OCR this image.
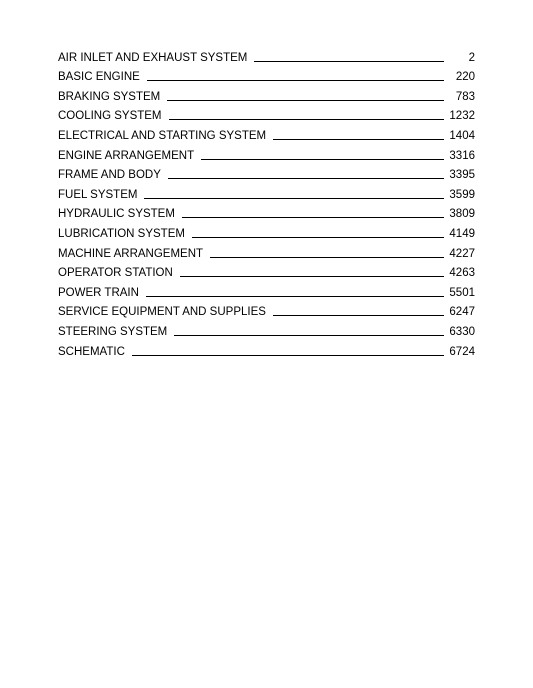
AIR INLET AND EXHAUST SYSTEM	2
BASIC ENGINE	220
BRAKING SYSTEM	783
COOLING SYSTEM	1232
ELECTRICAL AND STARTING SYSTEM	1404
ENGINE ARRANGEMENT	3316
FRAME AND BODY	3395
FUEL SYSTEM	3599
HYDRAULIC SYSTEM	3809
LUBRICATION SYSTEM	4149
MACHINE ARRANGEMENT	4227
OPERATOR STATION	4263
POWER TRAIN	5501
SERVICE EQUIPMENT AND SUPPLIES	6247
STEERING SYSTEM	6330
SCHEMATIC	6724
